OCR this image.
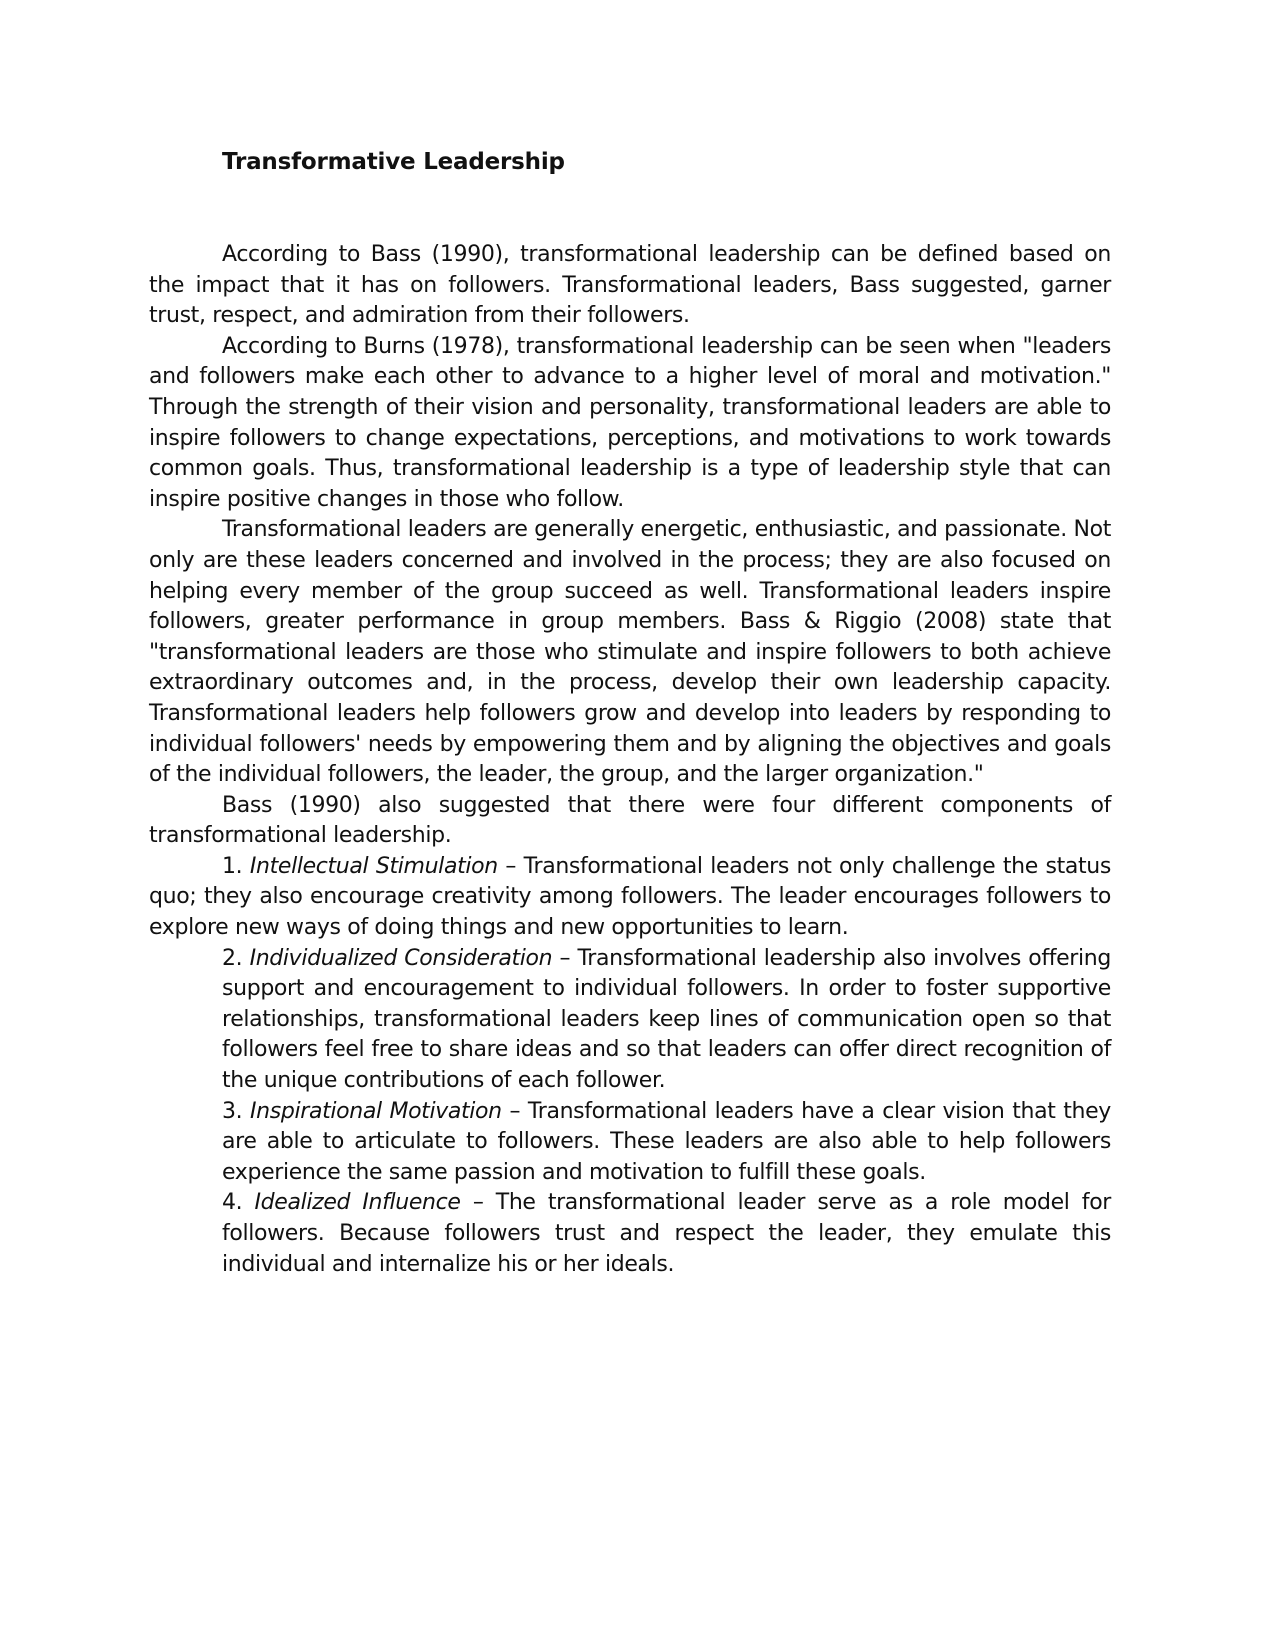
Transformative Leadership

According to Bass (1990), transformational leadership can be defined based on the impact that it has on followers. Transformational leaders, Bass suggested, garner trust, respect, and admiration from their followers.

According to Burns (1978), transformational leadership can be seen when "leaders and followers make each other to advance to a higher level of moral and motivation." Through the strength of their vision and personality, transformational leaders are able to inspire followers to change expectations, perceptions, and motivations to work towards common goals. Thus, transformational leadership is a type of leadership style that can inspire positive changes in those who follow.

Transformational leaders are generally energetic, enthusiastic, and passionate. Not only are these leaders concerned and involved in the process; they are also focused on helping every member of the group succeed as well. Transformational leaders inspire followers, greater performance in group members. Bass & Riggio (2008) state that "transformational leaders are those who stimulate and inspire followers to both achieve extraordinary outcomes and, in the process, develop their own leadership capacity. Transformational leaders help followers grow and develop into leaders by responding to individual followers' needs by empowering them and by aligning the objectives and goals of the individual followers, the leader, the group, and the larger organization."

Bass (1990) also suggested that there were four different components of transformational leadership.

1. Intellectual Stimulation – Transformational leaders not only challenge the status quo; they also encourage creativity among followers. The leader encourages followers to explore new ways of doing things and new opportunities to learn.

2. Individualized Consideration – Transformational leadership also involves offering support and encouragement to individual followers. In order to foster supportive relationships, transformational leaders keep lines of communication open so that followers feel free to share ideas and so that leaders can offer direct recognition of the unique contributions of each follower.

3. Inspirational Motivation – Transformational leaders have a clear vision that they are able to articulate to followers. These leaders are also able to help followers experience the same passion and motivation to fulfill these goals.

4. Idealized Influence – The transformational leader serve as a role model for followers. Because followers trust and respect the leader, they emulate this individual and internalize his or her ideals.
